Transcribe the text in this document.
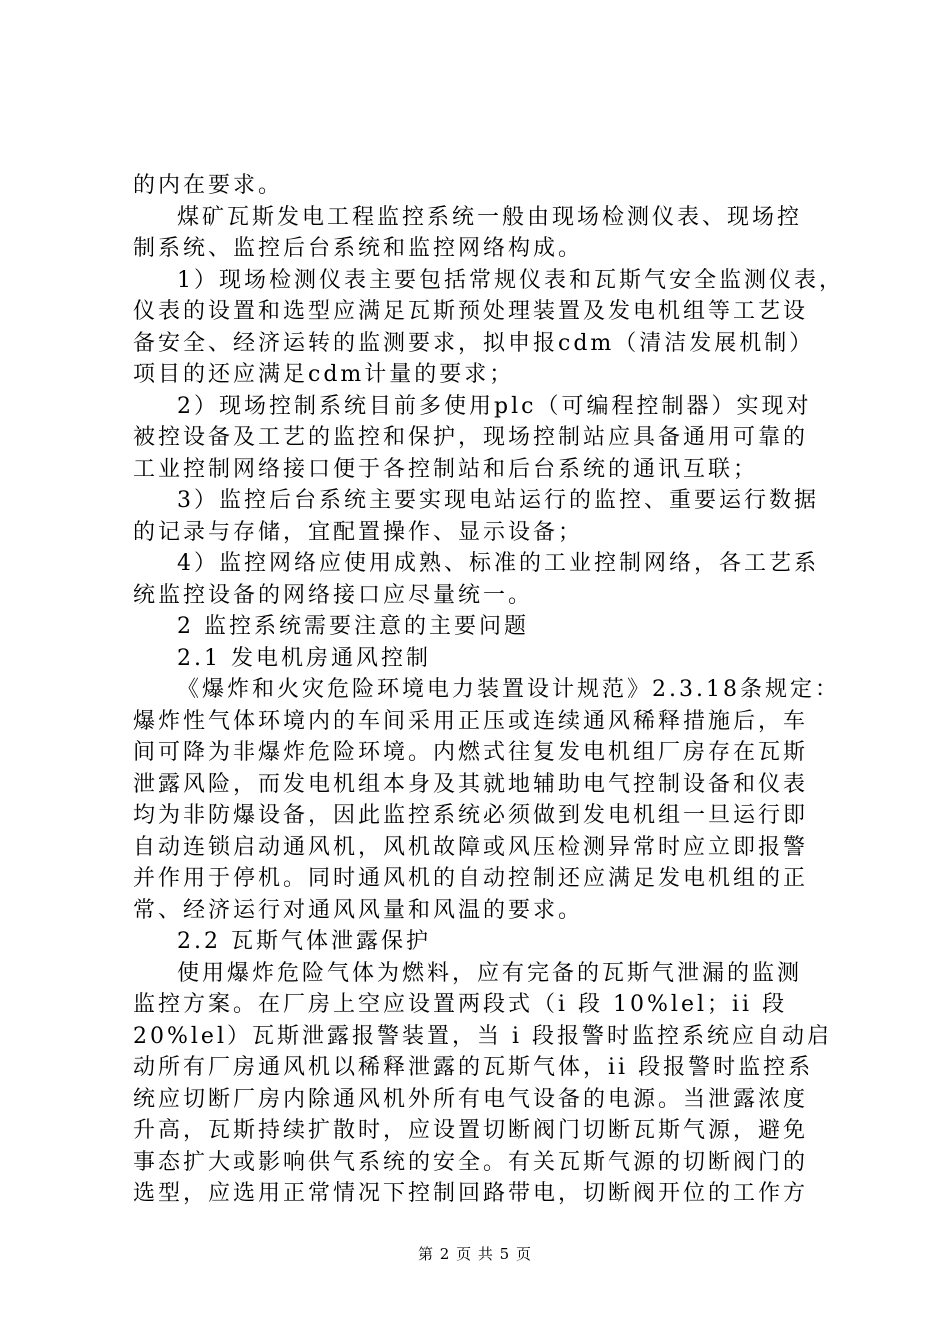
的内在要求。
煤矿瓦斯发电工程监控系统一般由现场检测仪表、现场控
制系统、监控后台系统和监控网络构成。
1）现场检测仪表主要包括常规仪表和瓦斯气安全监测仪表，
仪表的设置和选型应满足瓦斯预处理装置及发电机组等工艺设
备安全、经济运转的监测要求，拟申报cdm（清洁发展机制）
项目的还应满足cdm计量的要求；
2）现场控制系统目前多使用plc（可编程控制器）实现对
被控设备及工艺的监控和保护，现场控制站应具备通用可靠的
工业控制网络接口便于各控制站和后台系统的通讯互联；
3）监控后台系统主要实现电站运行的监控、重要运行数据
的记录与存储，宜配置操作、显示设备；
4）监控网络应使用成熟、标准的工业控制网络，各工艺系
统监控设备的网络接口应尽量统一。
2 监控系统需要注意的主要问题
2.1 发电机房通风控制
《爆炸和火灾危险环境电力装置设计规范》2.3.18条规定：
爆炸性气体环境内的车间采用正压或连续通风稀释措施后，车
间可降为非爆炸危险环境。内燃式往复发电机组厂房存在瓦斯
泄露风险，而发电机组本身及其就地辅助电气控制设备和仪表
均为非防爆设备，因此监控系统必须做到发电机组一旦运行即
自动连锁启动通风机，风机故障或风压检测异常时应立即报警
并作用于停机。同时通风机的自动控制还应满足发电机组的正
常、经济运行对通风风量和风温的要求。
2.2 瓦斯气体泄露保护
使用爆炸危险气体为燃料，应有完备的瓦斯气泄漏的监测
监控方案。在厂房上空应设置两段式（i 段 10%lel；ii 段
20%lel）瓦斯泄露报警装置，当 i 段报警时监控系统应自动启
动所有厂房通风机以稀释泄露的瓦斯气体，ii 段报警时监控系
统应切断厂房内除通风机外所有电气设备的电源。当泄露浓度
升高，瓦斯持续扩散时，应设置切断阀门切断瓦斯气源，避免
事态扩大或影响供气系统的安全。有关瓦斯气源的切断阀门的
选型，应选用正常情况下控制回路带电，切断阀开位的工作方
第 2 页 共 5 页
